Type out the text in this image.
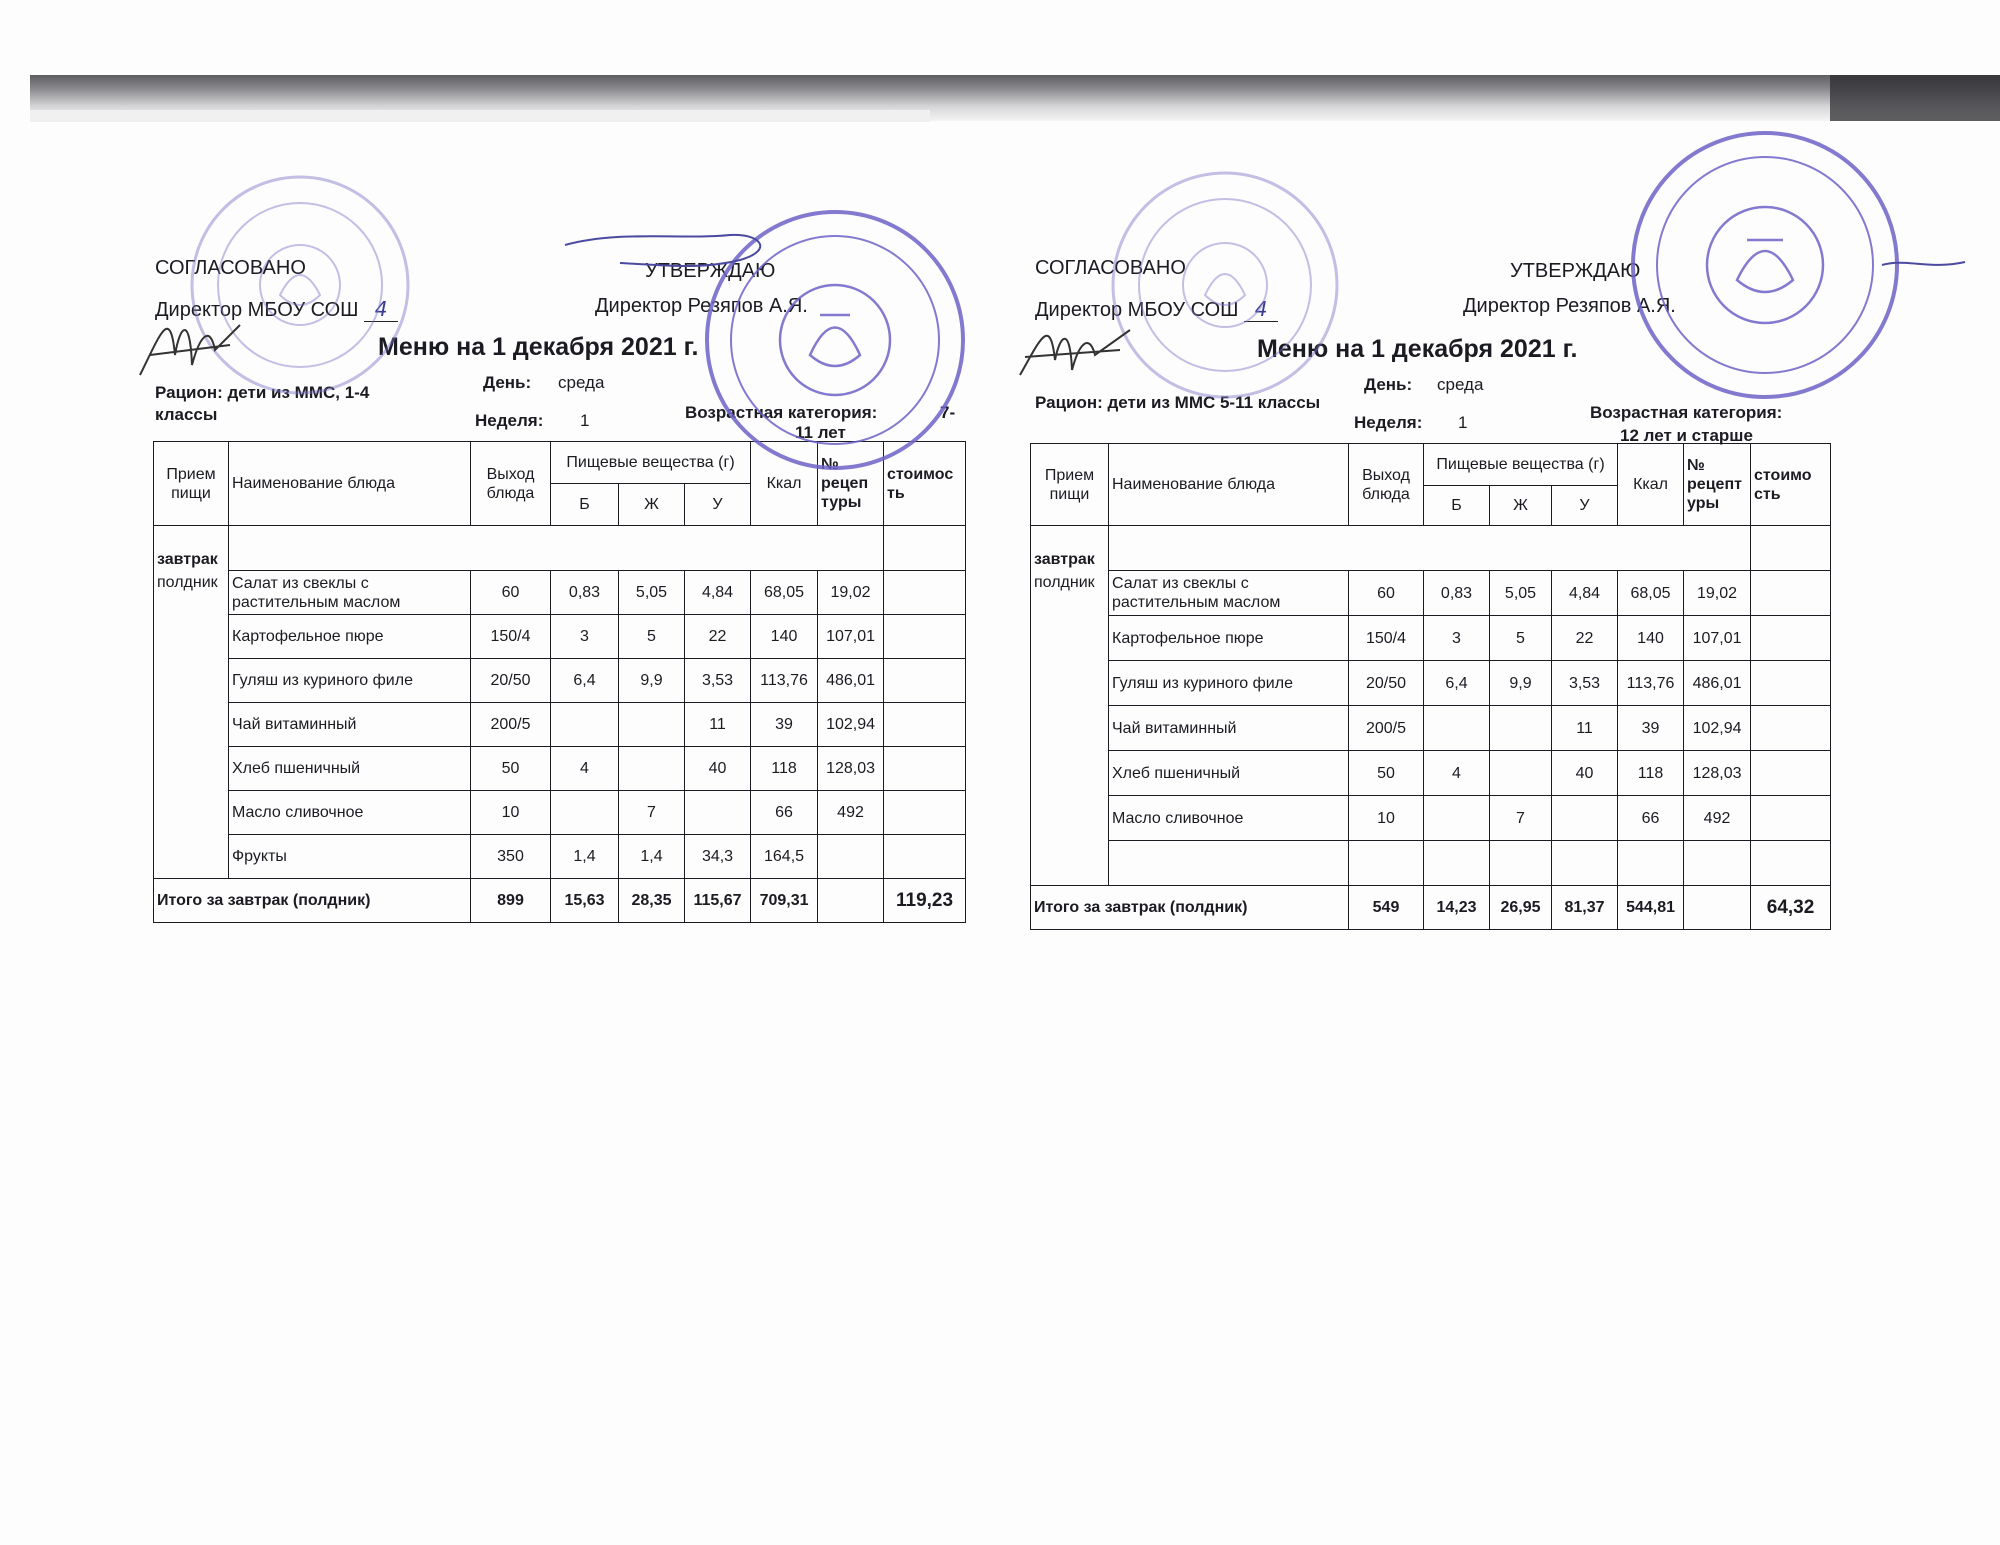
СОГЛАСОВАНО
Директор МБОУ СОШ 4
УТВЕРЖДАЮ
Директор Резяпов А.Я.
Меню на 1 декабря 2021 г.
Рацион: дети из ММС, 1-4
классы
День: среда
Неделя: 1	Возрастная категория:	7-
11 лет
Прием пищи	Наименование блюда	Выход блюда	Пищевые вещества (г)			Ккал	№ рецеп туры	стоимос ть
			Б	Ж	У			
завтрак								
полдник	Салат из свеклы с растительным маслом	60	0,83	5,05	4,84	68,05	19,02	
	Картофельное пюре	150/4	3	5	22	140	107,01	
	Гуляш из куриного филе	20/50	6,4	9,9	3,53	113,76	486,01	
	Чай витаминный	200/5			11	39	102,94	
	Хлеб пшеничный	50	4		40	118	128,03	
	Масло сливочное	10		7		66	492	
	Фрукты	350	1,4	1,4	34,3	164,5		
Итого за завтрак (полдник)		899	15,63	28,35	115,67	709,31		119,23
СОГЛАСОВАНО
Директор МБОУ СОШ 4
УТВЕРЖДАЮ
Директор Резяпов А.Я.
Меню на 1 декабря 2021 г.
Рацион: дети из ММС 5-11 классы
День: среда
Неделя: 1
Возрастная категория:
12 лет и старше
Прием пищи	Наименование блюда	Выход блюда	Пищевые вещества (г)			Ккал	№ рецепт уры	стоимо сть
			Б	Ж	У			
завтрак								
полдник	Салат из свеклы с растительным маслом	60	0,83	5,05	4,84	68,05	19,02	
	Картофельное пюре	150/4	3	5	22	140	107,01	
	Гуляш из куриного филе	20/50	6,4	9,9	3,53	113,76	486,01	
	Чай витаминный	200/5			11	39	102,94	
	Хлеб пшеничный	50	4		40	118	128,03	
	Масло сливочное	10		7		66	492	

Итого за завтрак (полдник)		549	14,23	26,95	81,37	544,81		64,32
